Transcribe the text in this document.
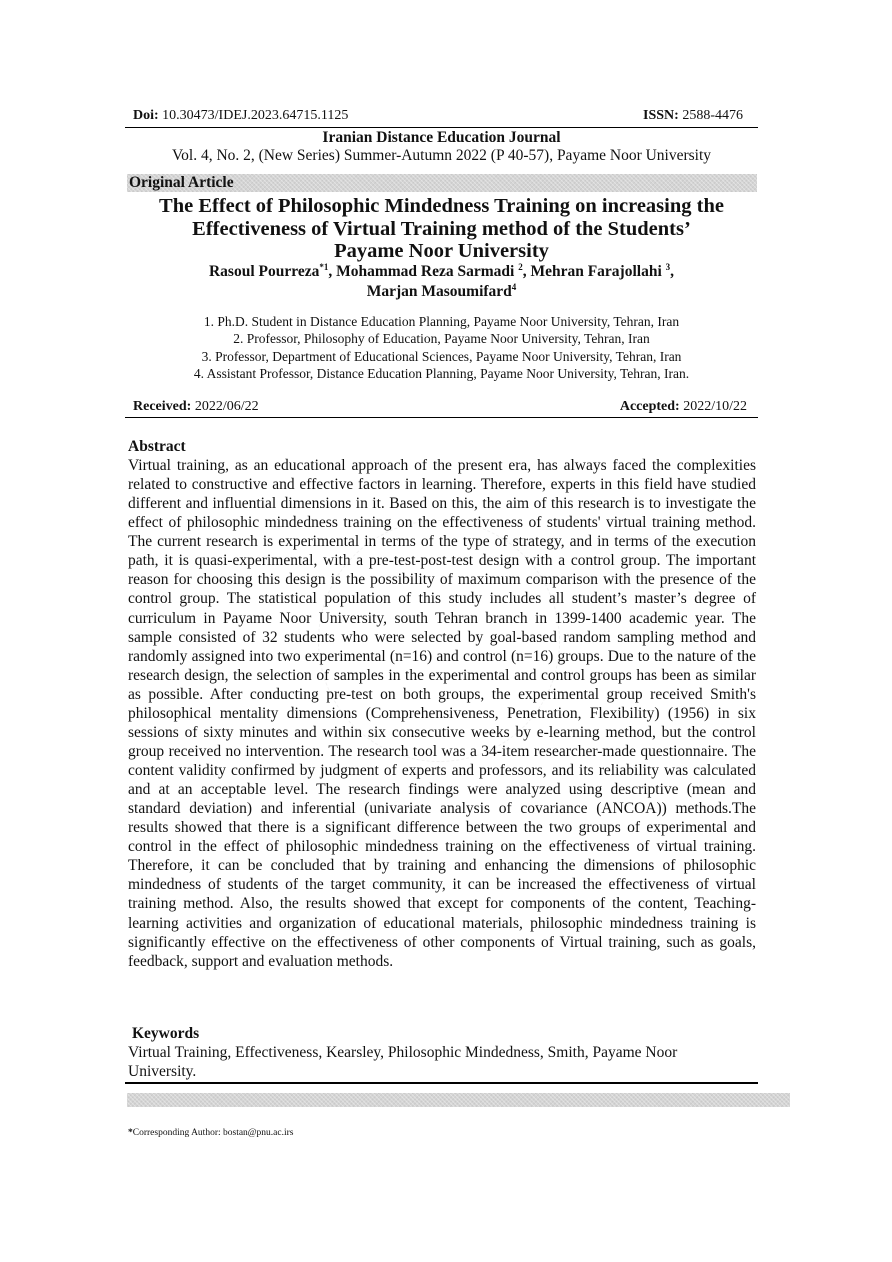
Doi: 10.30473/IDEJ.2023.64715.1125	ISSN: 2588-4476
Iranian Distance Education Journal
Vol. 4, No. 2, (New Series) Summer-Autumn 2022 (P 40-57), Payame Noor University
Original Article
The Effect of Philosophic Mindedness Training on increasing the
Effectiveness of Virtual Training method of the Students’
Payame Noor University
Rasoul Pourreza$^{*1}$, Mohammad Reza Sarmadi $^2$, Mehran Farajollahi $^3$,
Marjan Masoumifard$^4$
1. Ph.D. Student in Distance Education Planning, Payame Noor University, Tehran, Iran
2. Professor, Philosophy of Education, Payame Noor University, Tehran, Iran
3. Professor, Department of Educational Sciences, Payame Noor University, Tehran, Iran
4. Assistant Professor, Distance Education Planning, Payame Noor University, Tehran, Iran.
Received: 2022/06/22	Accepted: 2022/10/22
Abstract
Virtual training, as an educational approach of the present era, has always faced the complexities related to constructive and effective factors in learning. Therefore, experts in this field have studied different and influential dimensions in it. Based on this, the aim of this research is to investigate the effect of philosophic mindedness training on the effectiveness of students' virtual training method. The current research is experimental in terms of the type of strategy, and in terms of the execution path, it is quasi-experimental, with a pre-test-post-test design with a control group. The important reason for choosing this design is the possibility of maximum comparison with the presence of the control group. The statistical population of this study includes all student’s master’s degree of curriculum in Payame Noor University, south Tehran branch in 1399-1400 academic year. The sample consisted of 32 students who were selected by goal-based random sampling method and randomly assigned into two experimental (n=16) and control (n=16) groups. Due to the nature of the research design, the selection of samples in the experimental and control groups has been as similar as possible. After conducting pre-test on both groups, the experimental group received Smith's philosophical mentality dimensions (Comprehensiveness, Penetration, Flexibility) (1956) in six sessions of sixty minutes and within six consecutive weeks by e-learning method, but the control group received no intervention. The research tool was a 34-item researcher-made questionnaire. The content validity confirmed by judgment of experts and professors, and its reliability was calculated and at an acceptable level. The research findings were analyzed using descriptive (mean and standard deviation) and inferential (univariate analysis of covariance (ANCOA)) methods.The results showed that there is a significant difference between the two groups of experimental and control in the effect of philosophic mindedness training on the effectiveness of virtual training. Therefore, it can be concluded that by training and enhancing the dimensions of philosophic mindedness of students of the target community, it can be increased the effectiveness of virtual training method. Also, the results showed that except for components of the content, Teaching-learning activities and organization of educational materials, philosophic mindedness training is significantly effective on the effectiveness of other components of Virtual training, such as goals, feedback, support and evaluation methods.
Keywords
Virtual Training, Effectiveness, Kearsley, Philosophic Mindedness, Smith, Payame Noor University.
*Corresponding Author: bostan@pnu.ac.irs
